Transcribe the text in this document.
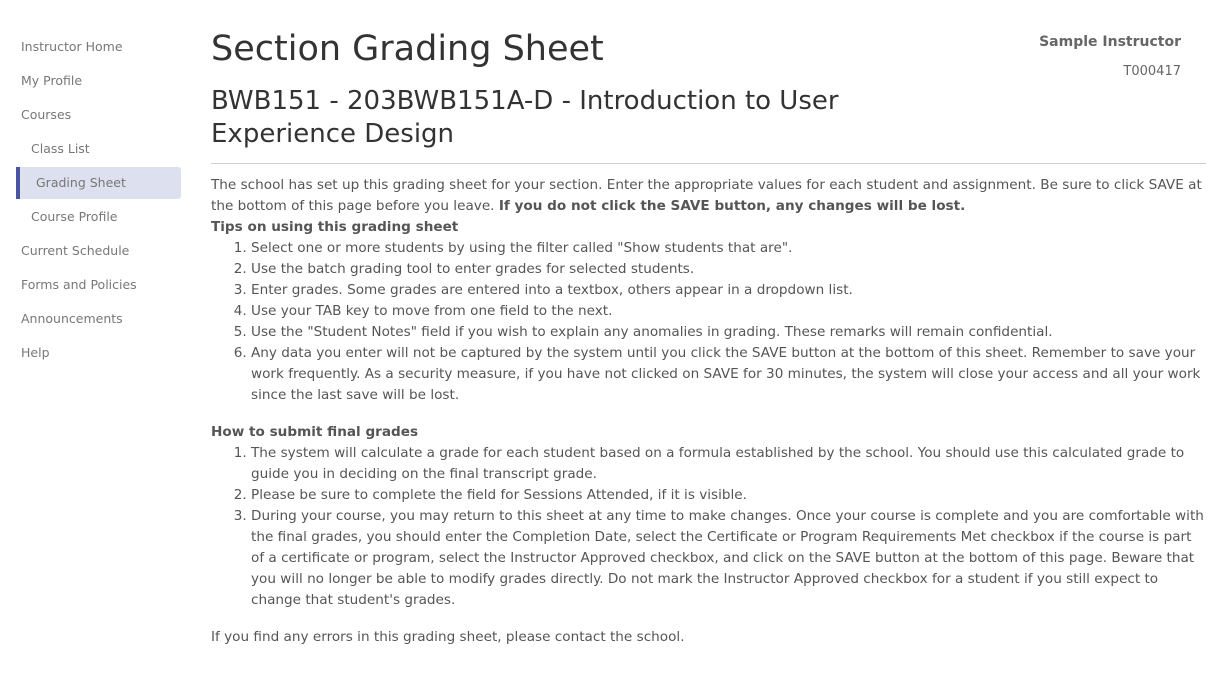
Instructor Home
My Profile
Courses
Class List
Grading Sheet
Course Profile
Current Schedule
Forms and Policies
Announcements
Help
Sample Instructor
T000417
Section Grading Sheet
BWB151 - 203BWB151A-D - Introduction to User Experience Design

The school has set up this grading sheet for your section. Enter the appropriate values for each student and assignment. Be sure to click SAVE at the bottom of this page before you leave. If you do not click the SAVE button, any changes will be lost.

Tips on using this grading sheet

1. Select one or more students by using the filter called "Show students that are".
2. Use the batch grading tool to enter grades for selected students.
3. Enter grades. Some grades are entered into a textbox, others appear in a dropdown list.
4. Use your TAB key to move from one field to the next.
5. Use the "Student Notes" field if you wish to explain any anomalies in grading. These remarks will remain confidential.
6. Any data you enter will not be captured by the system until you click the SAVE button at the bottom of this sheet. Remember to save your work frequently. As a security measure, if you have not clicked on SAVE for 30 minutes, the system will close your access and all your work since the last save will be lost.

How to submit final grades

1. The system will calculate a grade for each student based on a formula established by the school. You should use this calculated grade to guide you in deciding on the final transcript grade.
2. Please be sure to complete the field for Sessions Attended, if it is visible.
3. During your course, you may return to this sheet at any time to make changes. Once your course is complete and you are comfortable with the final grades, you should enter the Completion Date, select the Certificate or Program Requirements Met checkbox if the course is part of a certificate or program, select the Instructor Approved checkbox, and click on the SAVE button at the bottom of this page. Beware that you will no longer be able to modify grades directly. Do not mark the Instructor Approved checkbox for a student if you still expect to change that student's grades.

If you find any errors in this grading sheet, please contact the school.
